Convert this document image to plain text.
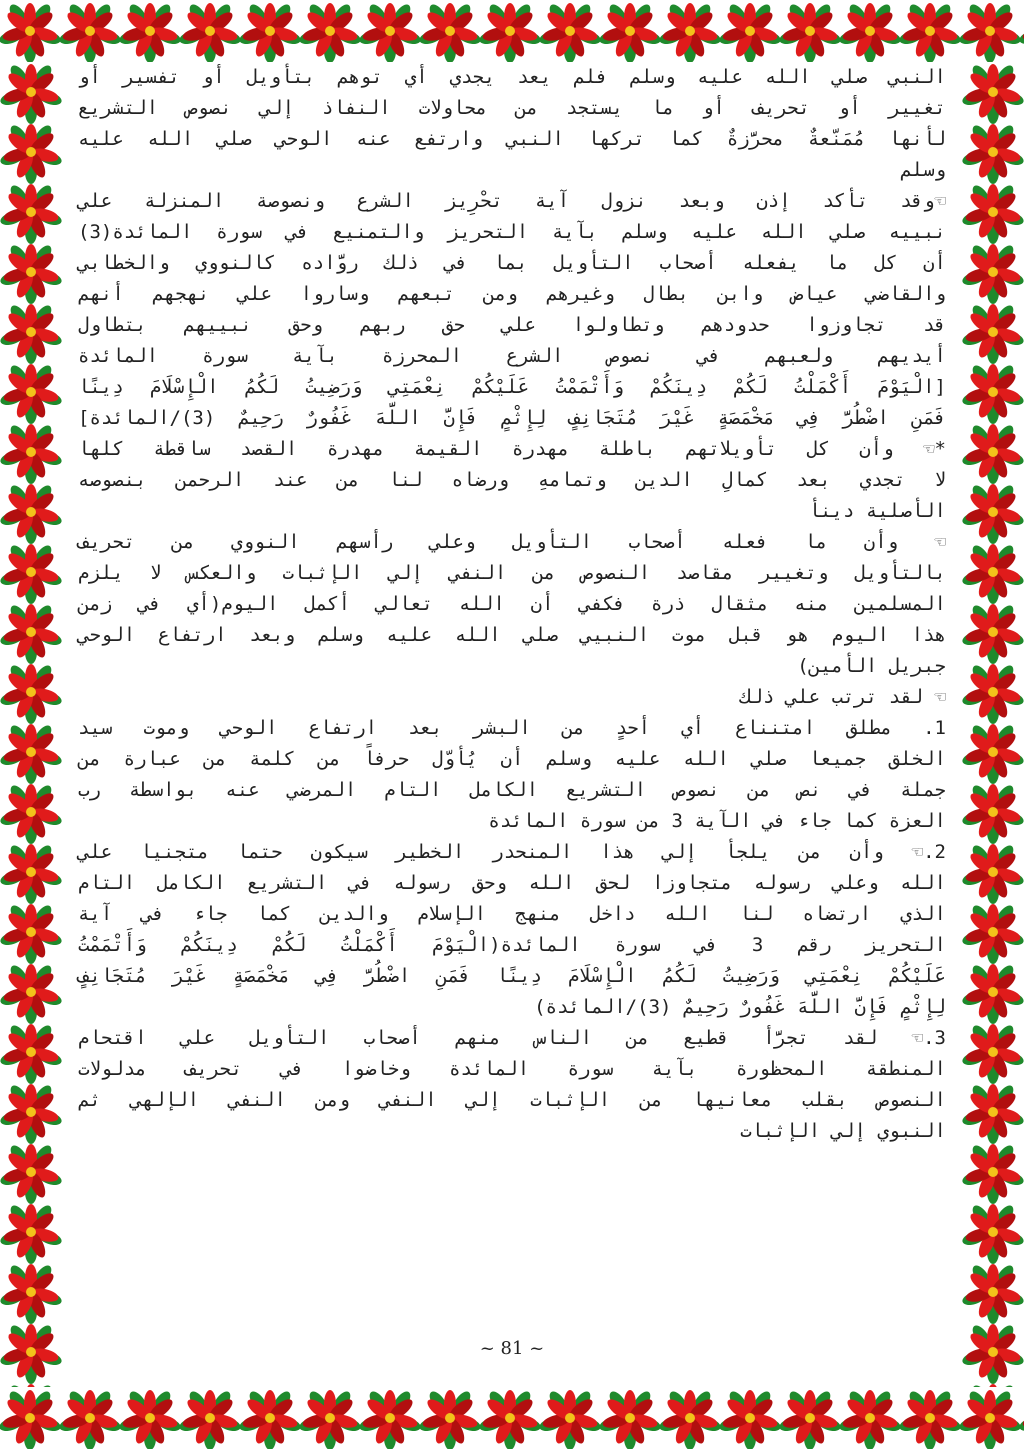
النبي صلي الله عليه وسلم فلم يعد يجدي أي توهم بتأويل أو تفسير أو
تغيير أو تحريف أو ما يستجد من محاولات النفاذ إلي نصوص التشريع
لأنها مُمَنّعةٌ محرَّزةٌ كما تركها النبي وارتفع عنه الوحي صلي الله عليه
وسلم
☜وقد تأكد إذن وبعد نزول آية تحْرِيز الشرع ونصوصة المنزلة علي
نبييه صلي الله عليه وسلم بآية التحريز والتمنيع في سورة المائدة(3)
أن كل ما يفعله أصحاب التأويل بما في ذلك روَّاده كالنووي والخطابي
والقاضي عياض وابن بطال وغيرهم ومن تبعهم وساروا علي نهجهم أنهم
قد تجاوزوا حدودهم وتطاولوا علي حق ربهم وحق نبييهم بتطاول
أيديهم ولعبهم في نصوص الشرع المحرزة بآية سورة المائدة
[الْيَوْمَ أَكْمَلْتُ لَكُمْ دِينَكُمْ وَأَتْمَمْتُ عَلَيْكُمْ نِعْمَتِي وَرَضِيتُ لَكُمُ الْإِسْلَامَ دِينًا
فَمَنِ اضْطُرَّ فِي مَخْمَصَةٍ غَيْرَ مُتَجَانِفٍ لِإِثْمٍ فَإِنَّ اللَّهَ غَفُورٌ رَحِيمٌ (3)/المائدة]
*☜ وأن كل تأويلاتهم باطلة مهدرة القيمة مهدرة القصد ساقطة كلها
لا تجدي بعد كمالِ الدين وتمامهِ ورضاه لنا من عند الرحمن بنصوصه
الأصلية دينأ
☜ وأن ما فعله أصحاب التأويل وعلي رأسهم النووي من تحريف
بالتأويل وتغيير مقاصد النصوص من النفي إلي الإثبات والعكس لا يلزم
المسلمين منه مثقال ذرة فكفي أن الله تعالي أكمل اليوم(أي في زمن
هذا اليوم هو قبل موت النبيي صلي الله عليه وسلم وبعد ارتفاع الوحي
جبريل الأمين)
☜ لقد ترتب علي ذلك
1. مطلق امتنناع أي أحدٍ من البشر بعد ارتفاع الوحي وموت سيد
الخلق جميعا صلي الله عليه وسلم أن يُأوّل حرفاً من كلمة من عبارة من
جملة في نص من نصوص التشريع الكامل التام المرضي عنه بواسطة رب
العزة كما جاء في الآية 3 من سورة المائدة
2.☜ وأن من يلجأ إلي هذا المنحدر الخطير سيكون حتما متجنيا علي
الله وعلي رسوله متجاوزا لحق الله وحق رسوله في التشريع الكامل التام
الذي ارتضاه لنا الله داخل منهج الإسلام والدين كما جاء في آية
التحريز رقم 3 في سورة المائدة(الْيَوْمَ أَكْمَلْتُ لَكُمْ دِينَكُمْ وَأَتْمَمْتُ
عَلَيْكُمْ نِعْمَتِي وَرَضِيتُ لَكُمُ الْإِسْلَامَ دِينًا فَمَنِ اضْطُرَّ فِي مَخْمَصَةٍ غَيْرَ مُتَجَانِفٍ
لِإِثْمٍ فَإِنَّ اللَّهَ غَفُورٌ رَحِيمٌ (3)/المائدة)
3.☜ لقد تجرَّأ قطيع من الناس منهم أصحاب التأويل علي اقتحام
المنطقة المحظورة بآية سورة المائدة وخاضوا في تحريف مدلولات
النصوص بقلب معانيها من الإثبات إلي النفي ومن النفي الإلهي ثم
النبوي إلي الإثبات
~ 81 ~
